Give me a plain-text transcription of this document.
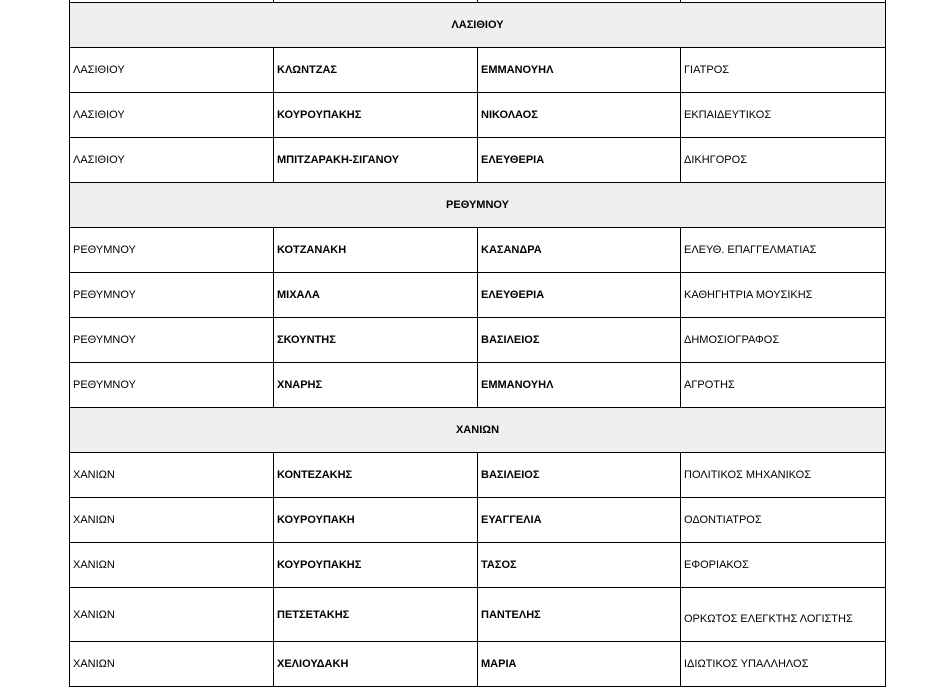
ΛΑΣΙΘΙΟΥ			
ΛΑΣΙΘΙΟΥ	ΚΛΩΝΤΖΑΣ	ΕΜΜΑΝΟΥΗΛ	ΓΙΑΤΡΟΣ
ΛΑΣΙΘΙΟΥ	ΚΟΥΡΟΥΠΑΚΗΣ	ΝΙΚΟΛΑΟΣ	ΕΚΠΑΙΔΕΥΤΙΚΟΣ
ΛΑΣΙΘΙΟΥ	ΜΠΙΤΖΑΡΑΚΗ-ΣΙΓΑΝΟΥ	ΕΛΕΥΘΕΡΙΑ	ΔΙΚΗΓΟΡΟΣ
ΡΕΘΥΜΝΟΥ			
ΡΕΘΥΜΝΟΥ	ΚΟΤΖΑΝΑΚΗ	ΚΑΣΑΝΔΡΑ	ΕΛΕΥΘ. ΕΠΑΓΓΕΛΜΑΤΙΑΣ
ΡΕΘΥΜΝΟΥ	ΜΙΧΑΛΑ	ΕΛΕΥΘΕΡΙΑ	ΚΑΘΗΓΗΤΡΙΑ ΜΟΥΣΙΚΗΣ
ΡΕΘΥΜΝΟΥ	ΣΚΟΥΝΤΗΣ	ΒΑΣΙΛΕΙΟΣ	ΔΗΜΟΣΙΟΓΡΑΦΟΣ
ΡΕΘΥΜΝΟΥ	ΧΝΑΡΗΣ	ΕΜΜΑΝΟΥΗΛ	ΑΓΡΟΤΗΣ
ΧΑΝΙΩΝ			
ΧΑΝΙΩΝ	ΚΟΝΤΕΖΑΚΗΣ	ΒΑΣΙΛΕΙΟΣ	ΠΟΛΙΤΙΚΟΣ ΜΗΧΑΝΙΚΟΣ
ΧΑΝΙΩΝ	ΚΟΥΡΟΥΠΑΚΗ	ΕΥΑΓΓΕΛΙΑ	ΟΔΟΝΤΙΑΤΡΟΣ
ΧΑΝΙΩΝ	ΚΟΥΡΟΥΠΑΚΗΣ	ΤΑΣΟΣ	ΕΦΟΡΙΑΚΟΣ
ΧΑΝΙΩΝ	ΠΕΤΣΕΤΑΚΗΣ	ΠΑΝΤΕΛΗΣ	ΟΡΚΩΤΟΣ ΕΛΕΓΚΤΗΣ ΛΟΓΙΣΤΗΣ
ΧΑΝΙΩΝ	ΧΕΛΙΟΥΔΑΚΗ	ΜΑΡΙΑ	ΙΔΙΩΤΙΚΟΣ ΥΠΑΛΛΗΛΟΣ
